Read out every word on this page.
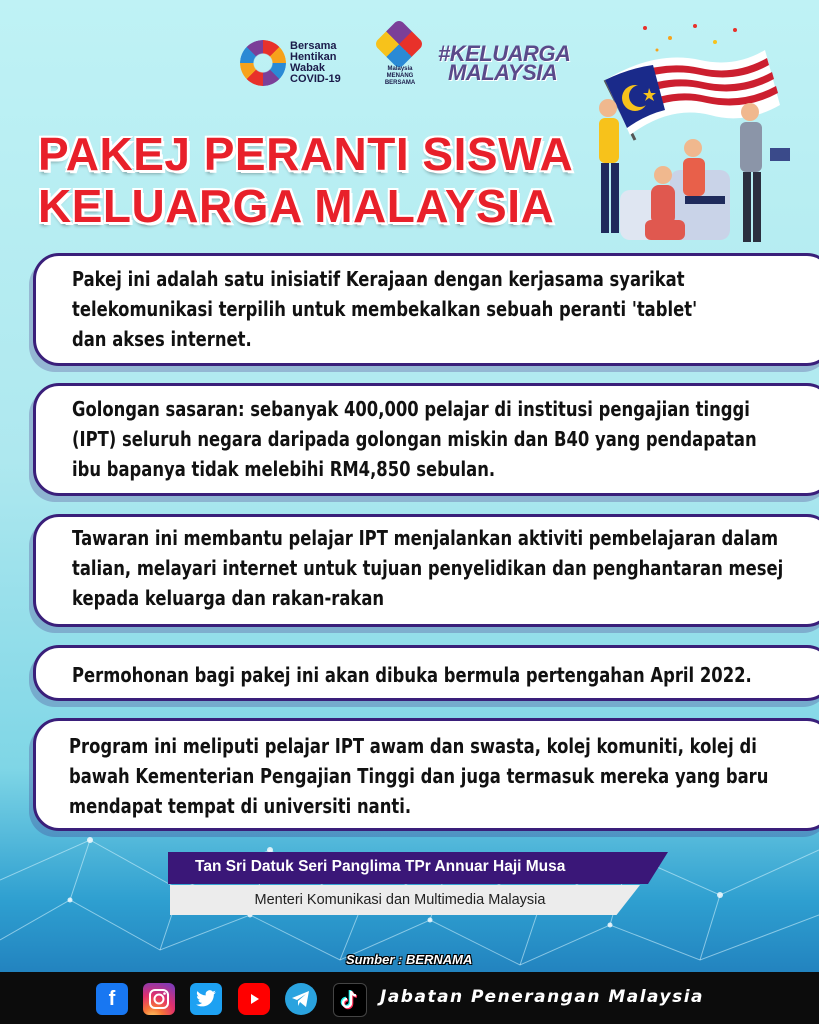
Bersama
Hentikan
Wabak
COVID-19
Malaysia
MENANG
BERSAMA
#KELUARGA
MALAYSIA
PAKEJ PERANTI SISWA
KELUARGA MALAYSIA
Pakej ini adalah satu inisiatif Kerajaan dengan kerjasama syarikat
telekomunikasi terpilih untuk membekalkan sebuah peranti 'tablet'
dan akses internet.
Golongan sasaran: sebanyak 400,000 pelajar di institusi pengajian tinggi
(IPT) seluruh negara daripada golongan miskin dan B40 yang pendapatan
ibu bapanya tidak melebihi RM4,850 sebulan.
Tawaran ini membantu pelajar IPT menjalankan aktiviti pembelajaran dalam
talian, melayari internet untuk tujuan penyelidikan dan penghantaran mesej
kepada keluarga dan rakan-rakan
Permohonan bagi pakej ini akan dibuka bermula pertengahan April 2022.
Program ini meliputi pelajar IPT awam dan swasta, kolej komuniti, kolej di
bawah Kementerian Pengajian Tinggi dan juga termasuk mereka yang baru
mendapat tempat di universiti nanti.
Tan Sri Datuk Seri Panglima TPr Annuar Haji Musa
Menteri Komunikasi dan Multimedia Malaysia
Sumber : BERNAMA
f	Jabatan Penerangan Malaysia
